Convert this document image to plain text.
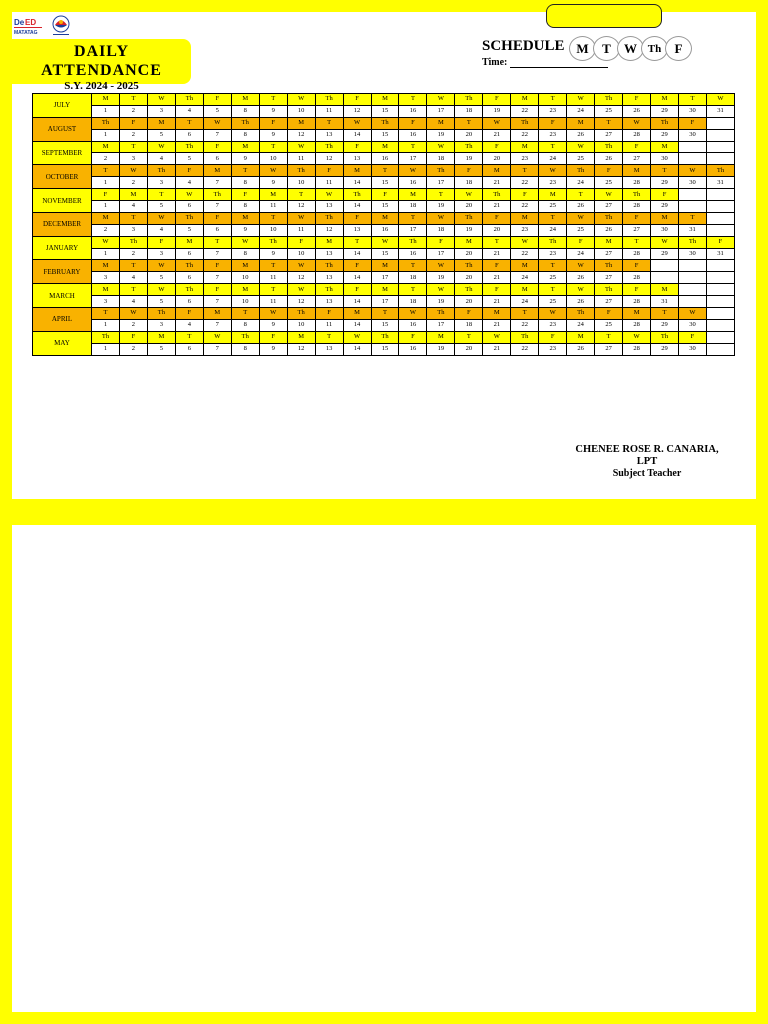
De ED
MATATAG
DAILY
ATTENDANCE
S.Y. 2024 - 2025
SCHEDULE M	T	W Th	F
Time:
JULY	M	T	W	Th	F	M	T	W	Th	F	M	T	W	Th	F	M	T	W	Th	F	M	T	W
	1	2	3	4	5	8	9	10	11	12	15	16	17	18	19	22	23	24	25	26	29	30	31
AUGUST	Th	F	M	T	W	Th	F	M	T	W	Th	F	M	T	W	Th	F	M	T	W	Th	F	
	1	2	5	6	7	8	9	12	13	14	15	16	19	20	21	22	23	26	27	28	29	30	
SEPTEMBER	M	T	W	Th	F	M	T	W	Th	F	M	T	W	Th	F	M	T	W	Th	F	M		
	2	3	4	5	6	9	10	11	12	13	16	17	18	19	20	23	24	25	26	27	30		
OCTOBER	T	W	Th	F	M	T	W	Th	F	M	T	W	Th	F	M	T	W	Th	F	M	T	W	Th
	1	2	3	4	7	8	9	10	11	14	15	16	17	18	21	22	23	24	25	28	29	30	31
NOVEMBER	F	M	T	W	Th	F	M	T	W	Th	F	M	T	W	Th	F	M	T	W	Th	F		
	1	4	5	6	7	8	11	12	13	14	15	18	19	20	21	22	25	26	27	28	29		
DECEMBER	M	T	W	Th	F	M	T	W	Th	F	M	T	W	Th	F	M	T	W	Th	F	M	T	
	2	3	4	5	6	9	10	11	12	13	16	17	18	19	20	23	24	25	26	27	30	31	
JANUARY	W	Th	F	M	T	W	Th	F	M	T	W	Th	F	M	T	W	Th	F	M	T	W	Th	F
	1	2	3	6	7	8	9	10	13	14	15	16	17	20	21	22	23	24	27	28	29	30	31
FEBRUARY	M	T	W	Th	F	M	T	W	Th	F	M	T	W	Th	F	M	T	W	Th	F			
	3	4	5	6	7	10	11	12	13	14	17	18	19	20	21	24	25	26	27	28			
MARCH	M	T	W	Th	F	M	T	W	Th	F	M	T	W	Th	F	M	T	W	Th	F	M		
	3	4	5	6	7	10	11	12	13	14	17	18	19	20	21	24	25	26	27	28	31		
APRIL	T	W	Th	F	M	T	W	Th	F	M	T	W	Th	F	M	T	W	Th	F	M	T	W	
	1	2	3	4	7	8	9	10	11	14	15	16	17	18	21	22	23	24	25	28	29	30	
MAY	Th	F	M	T	W	Th	F	M	T	W	Th	F	M	T	W	Th	F	M	T	W	Th	F	
	1	2	5	6	7	8	9	12	13	14	15	16	19	20	21	22	23	26	27	28	29	30	
CHENEE ROSE R. CANARIA,
LPT
Subject Teacher
